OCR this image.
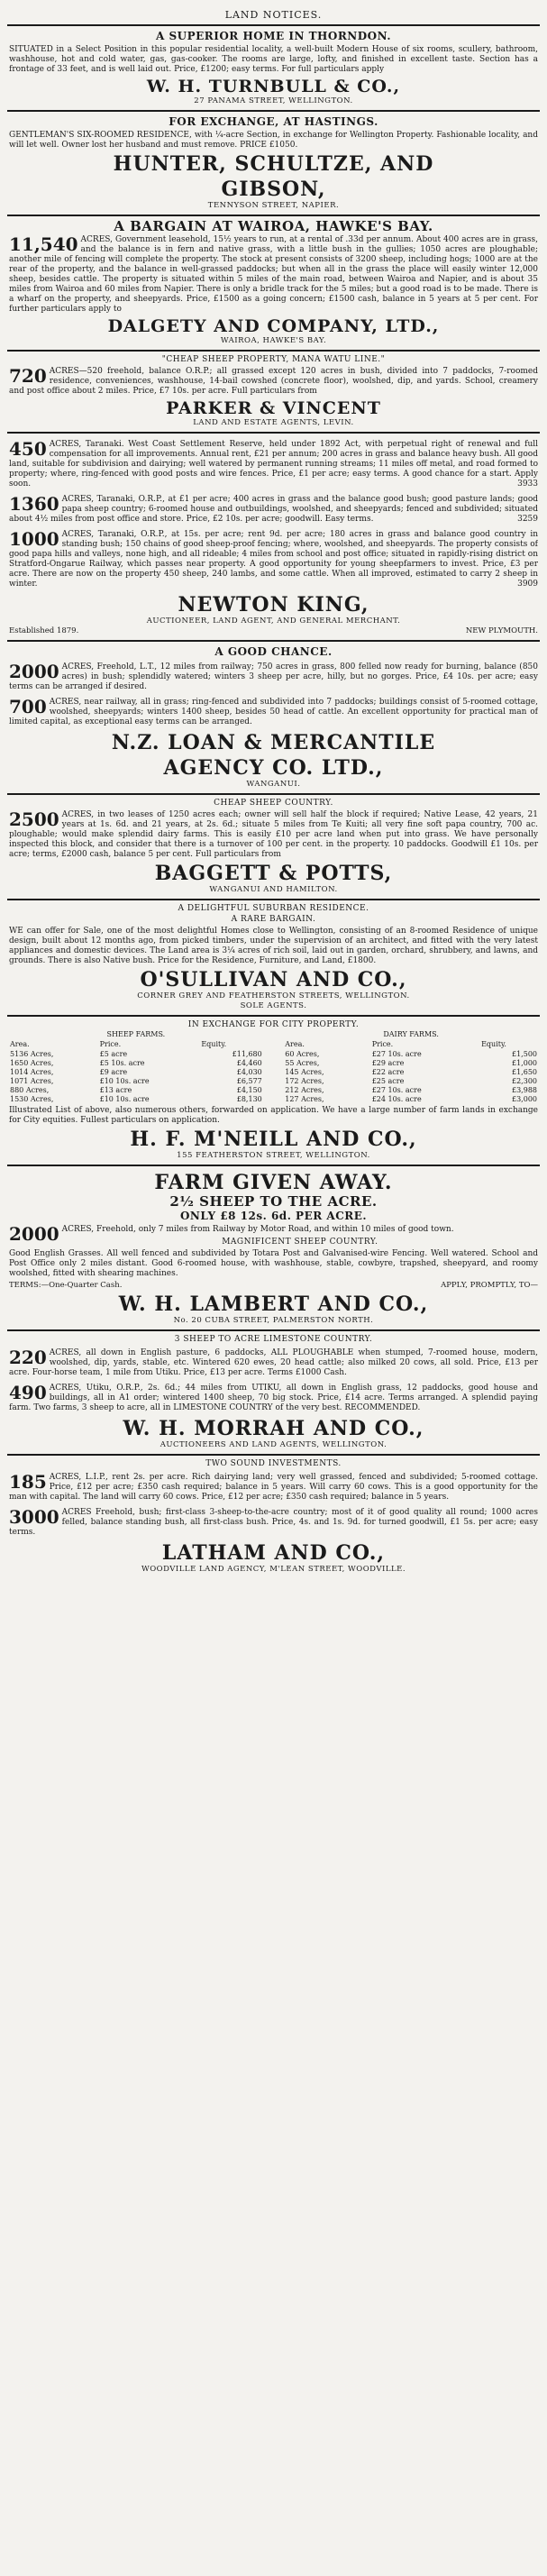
LAND NOTICES.
A SUPERIOR HOME IN THORNDON.
SITUATED in a Select Position in this popular residential locality, a well-built Modern House of six rooms, scullery, bathroom, washhouse, hot and cold water, gas, gas-cooker. The rooms are large, lofty, and finished in excellent taste. Section has a frontage of 33 feet, and is well laid out. Price, £1200; easy terms. For full particulars apply
W. H. TURNBULL & CO.,
27 PANAMA STREET, WELLINGTON.
FOR EXCHANGE, AT HASTINGS.
GENTLEMAN'S SIX-ROOMED RESIDENCE, with ¼-acre Section, in exchange for Wellington Property. Fashionable locality, and will let well. Owner lost her husband and must remove. PRICE £1050.
HUNTER, SCHULTZE, AND
GIBSON,
TENNYSON STREET, NAPIER.
A BARGAIN AT WAIROA, HAWKE'S BAY.
11,540 ACRES, Government leasehold, 15½ years to run, at a rental of .33d per annum. About 400 acres are in grass, and the balance is in fern and native grass, with a little bush in the gullies; 1050 acres are ploughable; another mile of fencing will complete the property. The stock at present consists of 3200 sheep, including hogs; 1000 are at the rear of the property, and the balance in well-grassed paddocks; but when all in the grass the place will easily winter 12,000 sheep, besides cattle. The property is situated within 5 miles of the main road, between Wairoa and Napier, and is about 35 miles from Wairoa and 60 miles from Napier. There is only a bridle track for the 5 miles; but a good road is to be made. There is a wharf on the property, and sheepyards. Price, £1500 as a going concern; £1500 cash, balance in 5 years at 5 per cent. For further particulars apply to
DALGETY AND COMPANY, LTD.,
WAIROA, HAWKE'S BAY.
"CHEAP SHEEP PROPERTY, MANA WATU LINE."
720 ACRES—520 freehold, balance O.R.P.; all grassed except 120 acres in bush, divided into 7 paddocks, 7-roomed residence, conveniences, washhouse, 14-bail cowshed (concrete floor), woolshed, dip, and yards. School, creamery and post office about 2 miles. Price, £7 10s. per acre. Full particulars from
PARKER & VINCENT
LAND AND ESTATE AGENTS, LEVIN.
450 ACRES, Taranaki. West Coast Settlement Reserve, held under 1892 Act, with perpetual right of renewal and full compensation for all improvements. Annual rent, £21 per annum; 200 acres in grass and balance heavy bush. All good land, suitable for subdivision and dairying; well watered by permanent running streams; 11 miles off metal, and road formed to property; where, ring-fenced with good posts and wire fences. Price, £1 per acre; easy terms. A good chance for a start. Apply soon.	3933
1360 ACRES, Taranaki, O.R.P., at £1 per acre; 400 acres in grass and the balance good bush; good pasture lands; good papa sheep country; 6-roomed house and outbuildings, woolshed, and sheepyards; fenced and subdivided; situated about 4½ miles from post office and store. Price, £2 10s. per acre; goodwill. Easy terms.	3259
1000 ACRES, Taranaki, O.R.P., at 15s. per acre; rent 9d. per acre; 180 acres in grass and balance good country in standing bush; 150 chains of good sheep-proof fencing; where, woolshed, and sheepyards. The property consists of good papa hills and valleys, none high, and all rideable; 4 miles from school and post office; situated in rapidly-rising district on Stratford-Ongarue Railway, which passes near property. A good opportunity for young sheepfarmers to invest. Price, £3 per acre. There are now on the property 450 sheep, 240 lambs, and some cattle. When all improved, estimated to carry 2 sheep in winter.	3909
NEWTON KING,
AUCTIONEER, LAND AGENT, AND GENERAL MERCHANT.
Established 1879.	NEW PLYMOUTH.
A GOOD CHANCE.
2000 ACRES, Freehold, L.T., 12 miles from railway; 750 acres in grass, 800 felled now ready for burning, balance (850 acres) in bush; splendidly watered; winters 3 sheep per acre, hilly, but no gorges. Price, £4 10s. per acre; easy terms can be arranged if desired.
700 ACRES, near railway, all in grass; ring-fenced and subdivided into 7 paddocks; buildings consist of 5-roomed cottage, woolshed, sheepyards; winters 1400 sheep, besides 50 head of cattle. An excellent opportunity for practical man of limited capital, as exceptional easy terms can be arranged.
N.Z. LOAN & MERCANTILE
AGENCY CO. LTD.,
WANGANUI.
CHEAP SHEEP COUNTRY.
2500 ACRES, in two leases of 1250 acres each; owner will sell half the block if required; Native Lease, 42 years, 21 years at 1s. 6d. and 21 years, at 2s. 6d.; situate 5 miles from Te Kuiti; all very fine soft papa country, 700 ac. ploughable; would make splendid dairy farms. This is easily £10 per acre land when put into grass. We have personally inspected this block, and consider that there is a turnover of 100 per cent. in the property. 10 paddocks. Goodwill £1 10s. per acre; terms, £2000 cash, balance 5 per cent. Full particulars from
BAGGETT & POTTS,
WANGANUI AND HAMILTON.
A DELIGHTFUL SUBURBAN RESIDENCE.
A RARE BARGAIN.
WE can offer for Sale, one of the most delightful Homes close to Wellington, consisting of an 8-roomed Residence of unique design, built about 12 months ago, from picked timbers, under the supervision of an architect, and fitted with the very latest appliances and domestic devices. The Land area is 3¼ acres of rich soil, laid out in garden, orchard, shrubbery, and lawns, and grounds. There is also Native bush. Price for the Residence, Furniture, and Land, £1800.
O'SULLIVAN AND CO.,
CORNER GREY AND FEATHERSTON STREETS, WELLINGTON.
SOLE AGENTS.
IN EXCHANGE FOR CITY PROPERTY.
SHEEP FARMS.
Area.	Price.	Equity.
5136 Acres,	£5 acre	£11,680
1650 Acres,	£5 10s. acre	£4,460
1014 Acres,	£9 acre	£4,030
1071 Acres,	£10 10s. acre	£6,577
880 Acres,	£13 acre	£4,150
1530 Acres,	£10 10s. acre	£8,130
DAIRY FARMS.
Area.	Price.	Equity.
60 Acres,	£27 10s. acre	£1,500
55 Acres,	£29 acre	£1,000
145 Acres,	£22 acre	£1,650
172 Acres,	£25 acre	£2,300
212 Acres,	£27 10s. acre	£3,988
127 Acres,	£24 10s. acre	£3,000
Illustrated List of above, also numerous others, forwarded on application. We have a large number of farm lands in exchange for City equities. Fullest particulars on application.
H. F. M'NEILL AND CO.,
155 FEATHERSTON STREET, WELLINGTON.
FARM GIVEN AWAY.
2½ SHEEP TO THE ACRE.
ONLY £8 12s. 6d. PER ACRE.
2000 ACRES, Freehold, only 7 miles from Railway by Motor Road, and within 10 miles of good town.
MAGNIFICENT SHEEP COUNTRY.
Good English Grasses. All well fenced and subdivided by Totara Post and Galvanised-wire Fencing. Well watered. School and Post Office only 2 miles distant. Good 6-roomed house, with washhouse, stable, cowbyre, trapshed, sheepyard, and roomy woolshed, fitted with shearing machines.
TERMS:—One-Quarter Cash.	APPLY, PROMPTLY, TO—
W. H. LAMBERT AND CO.,
No. 20 CUBA STREET, PALMERSTON NORTH.
3 SHEEP TO ACRE LIMESTONE COUNTRY.
220 ACRES, all down in English pasture, 6 paddocks, ALL PLOUGHABLE when stumped, 7-roomed house, modern, woolshed, dip, yards, stable, etc. Wintered 620 ewes, 20 head cattle; also milked 20 cows, all sold. Price, £13 per acre. Four-horse team, 1 mile from Utiku. Price, £13 per acre. Terms £1000 Cash.
490 ACRES, Utiku, O.R.P., 2s. 6d.; 44 miles from UTIKU, all down in English grass, 12 paddocks, good house and buildings, all in A1 order; wintered 1400 sheep, 70 big stock. Price, £14 acre. Terms arranged. A splendid paying farm. Two farms, 3 sheep to acre, all in LIMESTONE COUNTRY of the very best. RECOMMENDED.
W. H. MORRAH AND CO.,
AUCTIONEERS AND LAND AGENTS, WELLINGTON.
TWO SOUND INVESTMENTS.
185 ACRES, L.I.P., rent 2s. per acre. Rich dairying land; very well grassed, fenced and subdivided; 5-roomed cottage. Price, £12 per acre; £350 cash required; balance in 5 years. Will carry 60 cows. This is a good opportunity for the man with capital. The land will carry 60 cows. Price, £12 per acre; £350 cash required; balance in 5 years.
3000 ACRES Freehold, bush; first-class 3-sheep-to-the-acre country; most of it of good quality all round; 1000 acres felled, balance standing bush, all first-class bush. Price, 4s. and 1s. 9d. for turned goodwill, £1 5s. per acre; easy terms.
LATHAM AND CO.,
WOODVILLE LAND AGENCY, M'LEAN STREET, WOODVILLE.
